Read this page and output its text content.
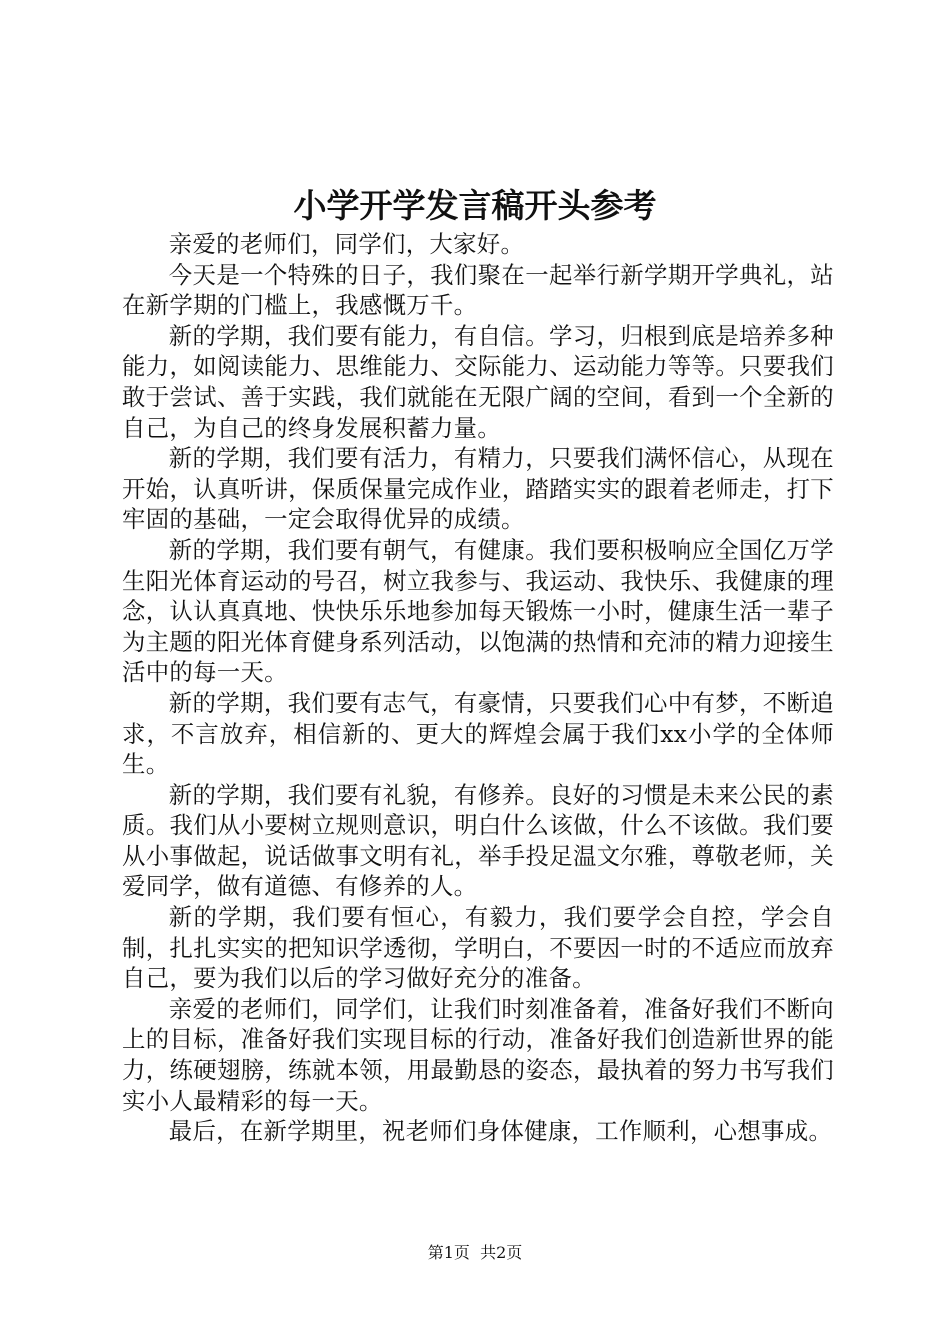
小学开学发言稿开头参考

亲爱的老师们，同学们，大家好。

今天是一个特殊的日子，我们聚在一起举行新学期开学典礼，站在新学期的门槛上，我感慨万千。

新的学期，我们要有能力，有自信。学习，归根到底是培养多种能力，如阅读能力、思维能力、交际能力、运动能力等等。只要我们敢于尝试、善于实践，我们就能在无限广阔的空间，看到一个全新的自己，为自己的终身发展积蓄力量。

新的学期，我们要有活力，有精力，只要我们满怀信心，从现在开始，认真听讲，保质保量完成作业，踏踏实实的跟着老师走，打下牢固的基础，一定会取得优异的成绩。

新的学期，我们要有朝气，有健康。我们要积极响应全国亿万学生阳光体育运动的号召，树立我参与、我运动、我快乐、我健康的理念，认认真真地、快快乐乐地参加每天锻炼一小时，健康生活一辈子为主题的阳光体育健身系列活动，以饱满的热情和充沛的精力迎接生活中的每一天。

新的学期，我们要有志气，有豪情，只要我们心中有梦，不断追求，不言放弃，相信新的、更大的辉煌会属于我们xx小学的全体师生。

新的学期，我们要有礼貌，有修养。良好的习惯是未来公民的素质。我们从小要树立规则意识，明白什么该做，什么不该做。我们要从小事做起，说话做事文明有礼，举手投足温文尔雅，尊敬老师，关爱同学，做有道德、有修养的人。

新的学期，我们要有恒心，有毅力，我们要学会自控，学会自制，扎扎实实的把知识学透彻，学明白，不要因一时的不适应而放弃自己，要为我们以后的学习做好充分的准备。

亲爱的老师们，同学们，让我们时刻准备着，准备好我们不断向上的目标，准备好我们实现目标的行动，准备好我们创造新世界的能力，练硬翅膀，练就本领，用最勤恳的姿态，最执着的努力书写我们实小人最精彩的每一天。

最后，在新学期里，祝老师们身体健康，工作顺利，心想事成。

第1页  共2页
